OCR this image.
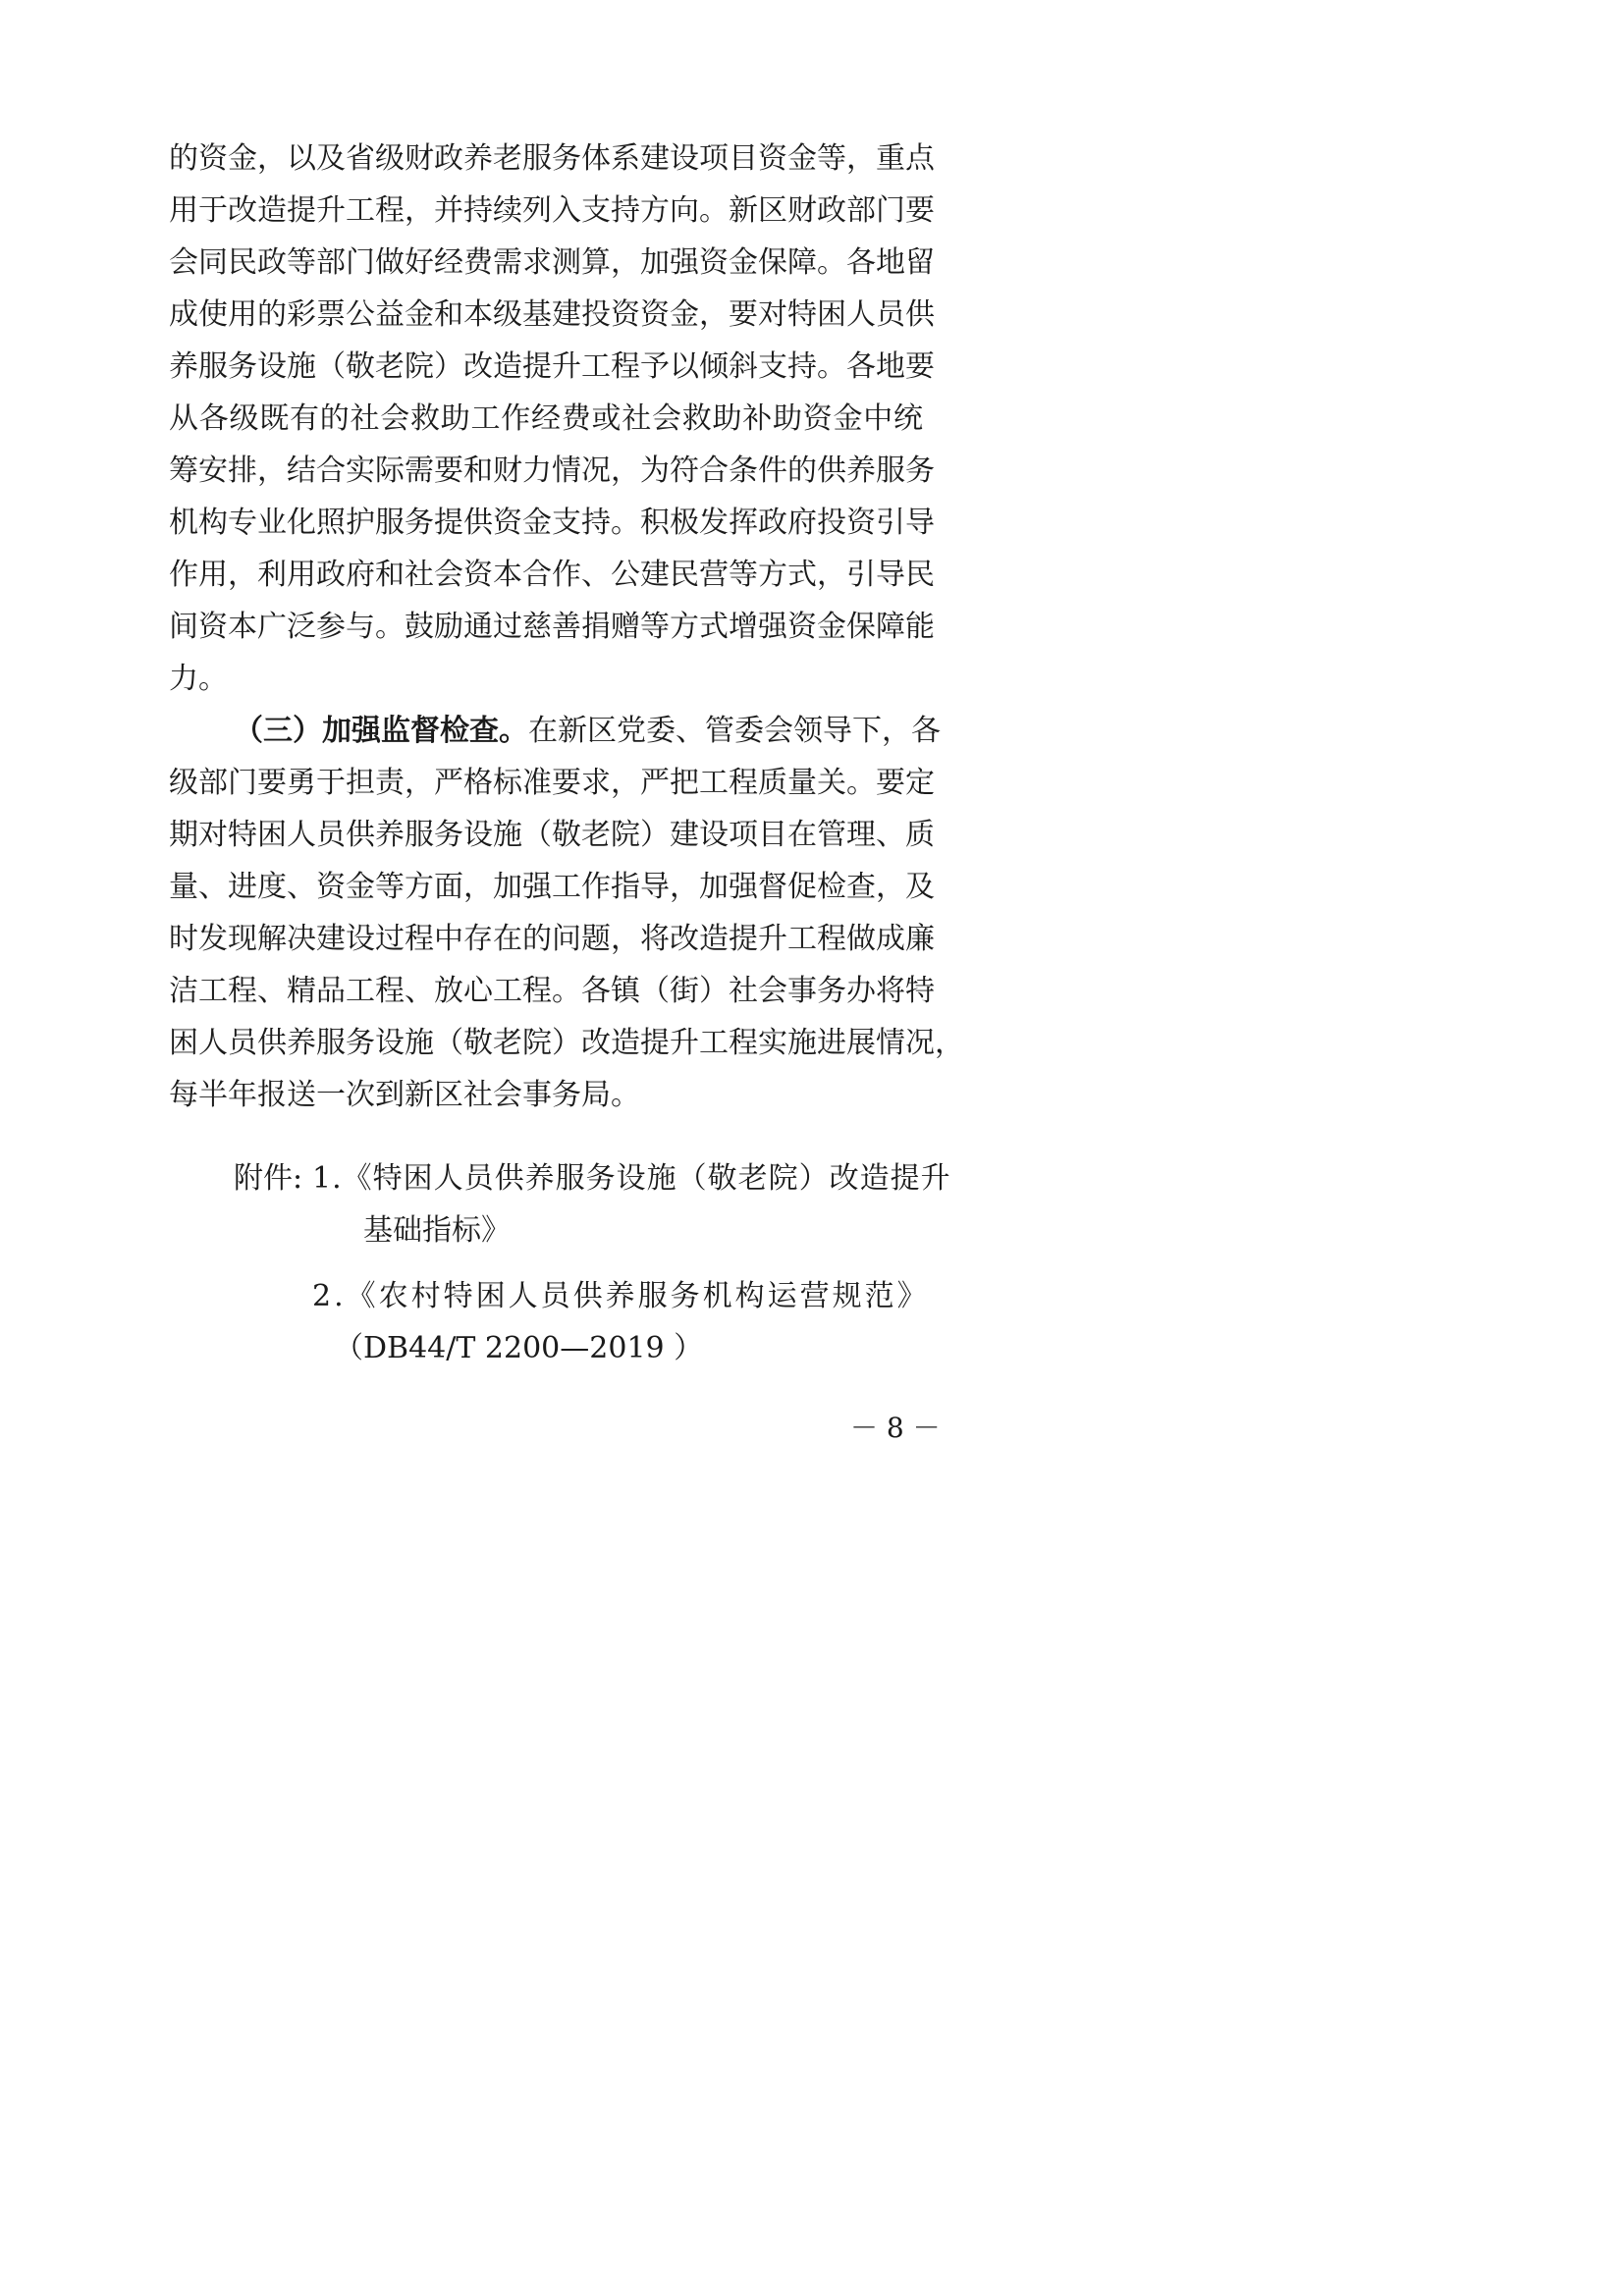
的资金，以及省级财政养老服务体系建设项目资金等，重点
用于改造提升工程，并持续列入支持方向。新区财政部门要
会同民政等部门做好经费需求测算，加强资金保障。各地留
成使用的彩票公益金和本级基建投资资金，要对特困人员供
养服务设施（敬老院）改造提升工程予以倾斜支持。各地要
从各级既有的社会救助工作经费或社会救助补助资金中统
筹安排，结合实际需要和财力情况，为符合条件的供养服务
机构专业化照护服务提供资金支持。积极发挥政府投资引导
作用，利用政府和社会资本合作、公建民营等方式，引导民
间资本广泛参与。鼓励通过慈善捐赠等方式增强资金保障能
力。
（三）加强监督检查。 在新区党委、管委会领导下，各
级部门要勇于担责，严格标准要求，严把工程质量关。要定
期对特困人员供养服务设施（敬老院）建设项目在管理、质
量、进度、资金等方面，加强工作指导，加强督促检查，及
时发现解决建设过程中存在的问题，将改造提升工程做成廉
洁工程、精品工程、放心工程。各镇（街）社会事务办将特
困人员供养服务设施（敬老院）改造提升工程实施进展情况，
每半年报送一次到新区社会事务局。
附件: 1.《特困人员供养服务设施（敬老院）改造提升
基础指标》
2.《农村特困人员供养服务机构运营规范》
（DB44/T 2200—2019 ）
－ 8 －
